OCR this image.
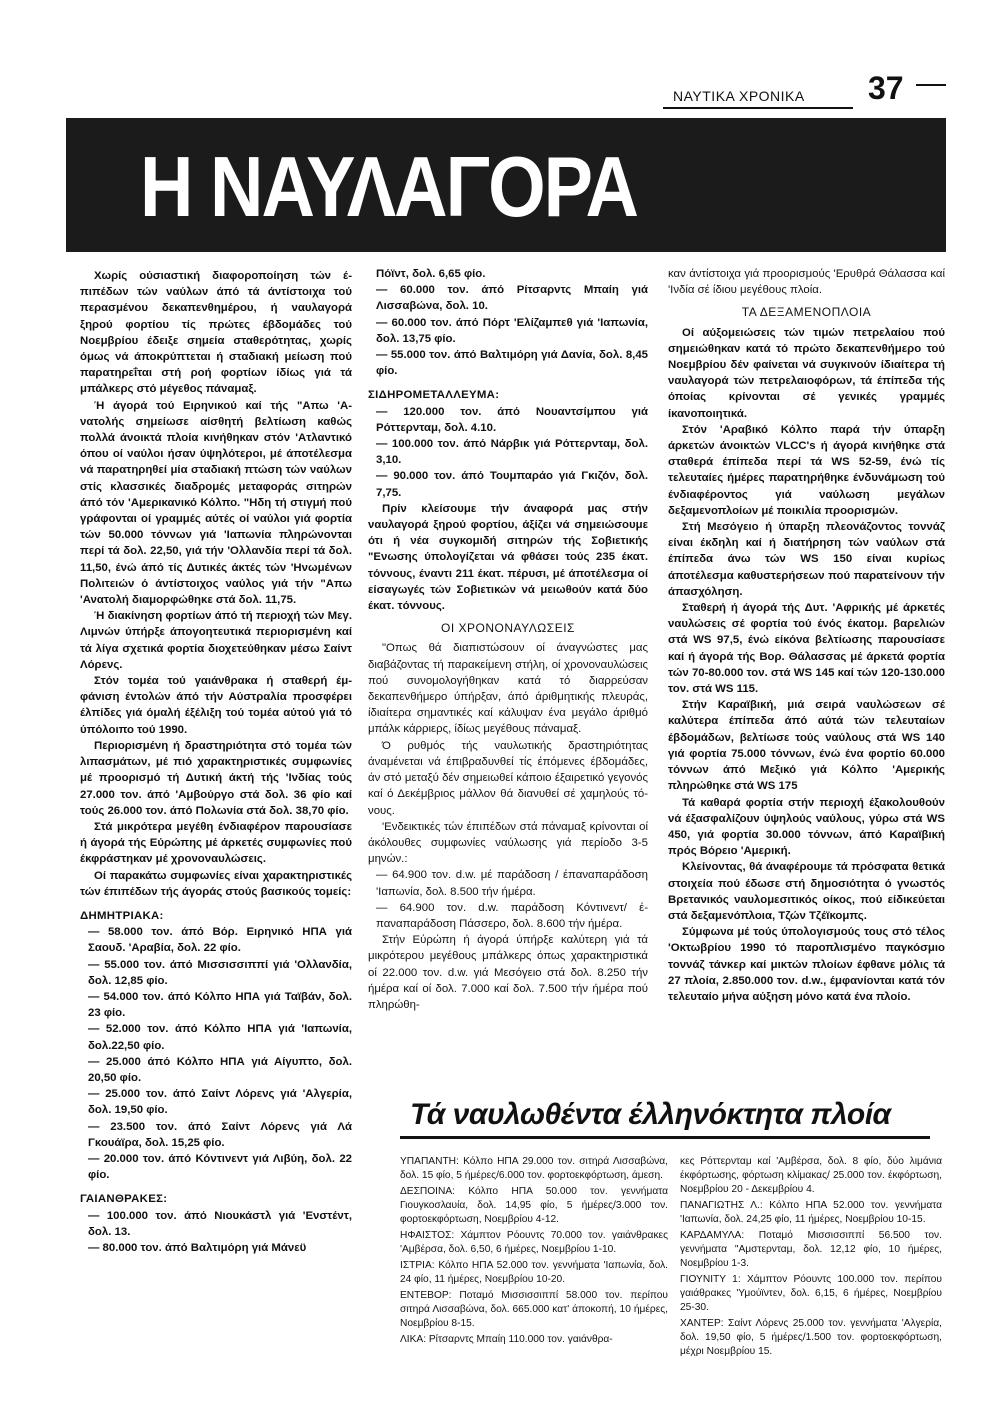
ΝΑΥΤΙΚΑ ΧΡΟΝΙΚΑ 37
Η ΝΑΥΛΑΓΟΡΑ

Χωρίς ούσιαστική διαφοροποίηση τών έπιπέδων τών ναύλων άπό τά άντίστοιχα τού περασμένου δεκαπενθημέρου, ή ναυλαγορά ξηρού φορτίου τίς πρώτες έβδομάδες τού Νοεμβρίου έδειξε σημεία σταθερότητας, χωρίς όμως νά άποκρύπτεται ή σταδιακή μείωση πού παρατηρεΐται στή ροή φορτίων ίδίως γιά τά μπάλκερς στό μέγεθος πάναμαξ.

Ή άγορά τού Ειρηνικού καί τής "Απω 'Ανατολής σημείωσε αίσθητή βελτίωση καθώς πολλά άνοικτά πλοία κινήθηκαν στόν 'Ατλαντικό όπου οί ναύλοι ήσαν ύψηλότεροι, μέ άποτέλεσμα νά παρατηρηθεί μία σταδιακή πτώση τών ναύλων στίς κλασσικές διαδρομές μεταφοράς σιτηρών άπό τόν 'Αμερικανικό Κόλπο. "Ηδη τή στιγμή πού γράφονται οί γραμμές αύτές οί ναύλοι γιά φορτία τών 50.000 τόννων γιά 'Ιαπωνία πληρώνονται περί τά δολ. 22,50, γιά τήν 'Ολλανδία περί τά δολ. 11,50, ένώ άπό τίς Δυτικές άκτές τών 'Ηνωμένων Πολιτειών ό άντίστοιχος ναύλος γιά τήν "Απω 'Ανατολή διαμορφώθηκε στά δολ. 11,75.

Ή διακίνηση φορτίων άπό τή περιοχή τών Μεγ. Λιμνών ύπήρξε άπογοητευτικά περιορισμένη καί τά λίγα σχετικά φορτία διοχετεύθηκαν μέσω Σαίντ Λόρενς.

Στόν τομέα τού γαιάνθρακα ή σταθερή έμφάνιση έντολών άπό τήν Αύστραλία προσφέρει έλπίδες γιά όμαλή έξέλιξη τού τομέα αύτού γιά τό ύπόλοιπο τού 1990.

Περιορισμένη ή δραστηριότητα στό τομέα τών λιπασμάτων, μέ πιό χαρακτηριστικές συμφωνίες μέ προορισμό τή Δυτική άκτή τής 'Ινδίας τούς 27.000 τον. άπό 'Αμβούργο στά δολ. 36 φίο καί τούς 26.000 τον. άπό Πολωνία στά δολ. 38,70 φίο.

Στά μικρότερα μεγέθη ένδιαφέρον παρουσίασε ή άγορά τής Εύρώπης μέ άρκετές συμφωνίες πού έκφράστηκαν μέ χρονοναυλώσεις.

Οί παρακάτω συμφωνίες είναι χαρακτηριστικές τών έπιπέδων τής άγοράς στούς βασικούς τομείς:

ΔΗΜΗΤΡΙΑΚΑ:

— 58.000 τον. άπό Βόρ. Ειρηνικό ΗΠΑ γιά Σαουδ. 'Αραβία, δολ. 22 φίο.

— 55.000 τον. άπό Μισσισσιππί γιά 'Ολλανδία, δολ. 12,85 φίο.

— 54.000 τον. άπό Κόλπο ΗΠΑ γιά Ταϊβάν, δολ. 23 φίο.

— 52.000 τον. άπό Κόλπο ΗΠΑ γιά 'Ιαπωνία, δολ.22,50 φίο.

— 25.000 άπό Κόλπο ΗΠΑ γιά Αίγυπτο, δολ. 20,50 φίο.

— 25.000 τον. άπό Σαίντ Λόρενς γιά 'Αλγερία, δολ. 19,50 φίο.

— 23.500 τον. άπό Σαίντ Λόρενς γιά Λά Γκουάϊρα, δολ. 15,25 φίο.

— 20.000 τον. άπό Κόντινεντ γιά Λιβύη, δολ. 22 φίο.

ΓΑΙΑΝΘΡΑΚΕΣ:

— 100.000 τον. άπό Νιουκάστλ γιά 'Ενστέντ, δολ. 13.

— 80.000 τον. άπό Βαλτιμόρη γιά Μάνεϋ

Πόϊντ, δολ. 6,65 φίο.

— 60.000 τον. άπό Ρίτσαρντς Μπαίη γιά Λισσαβώνα, δολ. 10.

— 60.000 τον. άπό Πόρτ 'Ελίζαμπεθ γιά 'Ιαπωνία, δολ. 13,75 φίο.

— 55.000 τον. άπό Βαλτιμόρη γιά Δανία, δολ. 8,45 φίο.

ΣΙΔΗΡΟΜΕΤΑΛΛΕΥΜΑ:

— 120.000 τον. άπό Νουαντσίμπου γιά Ρόττερνταμ, δολ. 4.10.

— 100.000 τον. άπό Νάρβικ γιά Ρόττερνταμ, δολ. 3,10.

— 90.000 τον. άπό Τουμπαράο γιά Γκιζόν, δολ. 7,75.

Πρίν κλείσουμε τήν άναφορά μας στήν ναυλαγορά ξηρού φορτίου, άξίζει νά σημειώσουμε ότι ή νέα συγκομιδή σιτηρών τής Σοβιετικής "Ενωσης ύπολογίζεται νά φθάσει τούς 235 έκατ. τόννους, έναντι 211 έκατ. πέρυσι, μέ άποτέλεσμα οί είσαγωγές τών Σοβιετικών νά μειωθούν κατά δύο έκατ. τόννους.

ΟΙ ΧΡΟΝΟΝΑΥΛΩΣΕΙΣ

"Οπως θά διαπιστώσουν οί άναγνώστες μας διαβάζοντας τή παρακείμενη στήλη, οί χρονοναυλώσεις πού συνομολογήθηκαν κατά τό διαρρεύσαν δεκαπενθήμερο ύπήρξαν, άπό άριθμητικής πλευράς, ίδιαίτερα σημαντικές καί κάλυψαν ένα μεγάλο άριθμό μπάλκ κάρριερς, ίδίως μεγέθους πάναμαξ.

Ό ρυθμός τής ναυλωτικής δραστηριότητας άναμένεται νά έπιβραδυνθεί τίς έπόμενες έβδομάδες, άν στό μεταξύ δέν σημειωθεί κάποιο έξαιρετικό γεγονός καί ό Δεκέμβριος μάλλον θά διανυθεί σέ χαμηλούς τόνους.

'Ενδεικτικές τών έπιπέδων στά πάναμαξ κρίνονται οί άκόλουθες συμφωνίες ναύλωσης γιά περίοδο 3-5 μηνών.:

— 64.900 τον. d.w. μέ παράδοση / έπαναπαράδοση 'Ιαπωνία, δολ. 8.500 τήν ήμέρα.

— 64.900 τον. d.w. παράδοση Κόντινεντ/ έπαναπαράδοση Πάσσερο, δολ. 8.600 τήν ήμέρα.

Στήν Εύρώπη ή άγορά ύπήρξε καλύτερη γιά τά μικρότερου μεγέθους μπάλκερς όπως χαρακτηριστικά οί 22.000 τον. d.w. γιά Μεσόγειο στά δολ. 8.250 τήν ήμέρα καί οί δολ. 7.000 καί δολ. 7.500 τήν ήμέρα πού πληρώθη-

καν άντίστοιχα γιά προορισμούς 'Ερυθρά Θάλασσα καί 'Ινδία σέ ίδιου μεγέθους πλοία.

ΤΑ ΔΕΞΑΜΕΝΟΠΛΟΙΑ

Οί αύξομειώσεις τών τιμών πετρελαίου πού σημειώθηκαν κατά τό πρώτο δεκαπενθήμερο τού Νοεμβρίου δέν φαίνεται νά συγκινούν ίδιαίτερα τή ναυλαγορά τών πετρελαιοφόρων, τά έπίπεδα τής όποίας κρίνονται σέ γενικές γραμμές ίκανοποιητικά.

Στόν 'Αραβικό Κόλπο παρά τήν ύπαρξη άρκετών άνοικτών VLCC's ή άγορά κινήθηκε στά σταθερά έπίπεδα περί τά WS 52-59, ένώ τίς τελευταίες ήμέρες παρατηρήθηκε ένδυνάμωση τού ένδιαφέροντος γιά ναύλωση μεγάλων δεξαμενοπλοίων μέ ποικιλία προορισμών.

Στή Μεσόγειο ή ύπαρξη πλεονάζοντος τοννάζ είναι έκδηλη καί ή διατήρηση τών ναύλων στά έπίπεδα άνω τών WS 150 είναι κυρίως άποτέλεσμα καθυστερήσεων πού παρατείνουν τήν άπασχόληση.

Σταθερή ή άγορά τής Δυτ. 'Αφρικής μέ άρκετές ναυλώσεις σέ φορτία τού ένός έκατομ. βαρελιών στά WS 97,5, ένώ είκόνα βελτίωσης παρουσίασε καί ή άγορά τής Βορ. Θάλασσας μέ άρκετά φορτία τών 70-80.000 τον. στά WS 145 καί τών 120-130.000 τον. στά WS 115.

Στήν Καραϊβική, μιά σειρά ναυλώσεων σέ καλύτερα έπίπεδα άπό αύτά τών τελευταίων έβδομάδων, βελτίωσε τούς ναύλους στά WS 140 γιά φορτία 75.000 τόννων, ένώ ένα φορτίο 60.000 τόννων άπό Μεξικό γιά Κόλπο 'Αμερικής πληρώθηκε στά WS 175

Τά καθαρά φορτία στήν περιοχή έξακολουθούν νά έξασφαλίζουν ύψηλούς ναύλους, γύρω στά WS 450, γιά φορτία 30.000 τόννων, άπό Καραϊβική πρός Βόρειο 'Αμερική.

Κλείνοντας, θά άναφέρουμε τά πρόσφατα θετικά στοιχεία πού έδωσε στή δημοσιότητα ό γνωστός Βρετανικός ναυλομεσιτικός οίκος, πού είδικεύεται στά δεξαμενόπλοια, Τζών Τζέϊκομπς.

Σύμφωνα μέ τούς ύπολογισμούς τους στό τέλος 'Οκτωβρίου 1990 τό παροπλισμένο παγκόσμιο τοννάζ τάνκερ καί μικτών πλοίων έφθανε μόλις τά 27 πλοία, 2.850.000 τον. d.w., έμφανίονται κατά τόν τελευταίο μήνα αύξηση μόνο κατά ένα πλοίο.

Τά ναυλωθέντα έλληνόκτητα πλοία

ΥΠΑΠΑΝΤΗ: Κόλπο ΗΠΑ 29.000 τον. σιτηρά Λισσαβώνα, δολ. 15 φίο, 5 ήμέρες/6.000 τον. φορτοεκφόρτωση, άμεση.

ΔΕΣΠΟΙΝΑ: Κόλπο ΗΠΑ 50.000 τον. γεννήματα Γιουγκοσλαυία, δολ. 14,95 φίο, 5 ήμέρες/3.000 τον. φορτοεκφόρτωση, Νοεμβρίου 4-12.

ΗΦΑΙΣΤΟΣ: Χάμπτον Ρόουντς 70.000 τον. γαιάνθρακες 'Αμβέρσα, δολ. 6,50, 6 ήμέρες, Νοεμβρίου 1-10.

ΙΣΤΡΙΑ: Κόλπο ΗΠΑ 52.000 τον. γεννήματα 'Ιαπωνία, δολ. 24 φίο, 11 ήμέρες, Νοεμβρίου 10-20.

ΕΝΤΕΒΟΡ: Ποταμό Μισσισσιππί 58.000 τον. περίπου σιτηρά Λισσαβώνα, δολ. 665.000 κατ' άποκοπή, 10 ήμέρες, Νοεμβρίου 8-15.

ΛΙΚΑ: Ρίτσαρντς Μπαίη 110.000 τον. γαιάνθρα-

κες Ρόττερνταμ καί 'Αμβέρσα, δολ. 8 φίο, δύο λιμάνια έκφόρτωσης, φόρτωση κλίμακας/ 25.000 τον. έκφόρτωση, Νοεμβρίου 20 - Δεκεμβρίου 4.

ΠΑΝΑΓΙΩΤΗΣ Λ.: Κόλπο ΗΠΑ 52.000 τον. γεννήματα 'Ιαπωνία, δολ. 24,25 φίο, 11 ήμέρες, Νοεμβρίου 10-15.

ΚΑΡΔΑΜΥΛΑ: Ποταμό Μισσισσιππί 56.500 τον. γεννήματα "Αμστερνταμ, δολ. 12,12 φίο, 10 ήμέρες, Νοεμβρίου 1-3.

ΓΙΟΥΝΙΤΥ 1: Χάμπτον Ρόουντς 100.000 τον. περίπου γαιάθρακες 'Υμούϊντεν, δολ. 6,15, 6 ήμέρες, Νοεμβρίου 25-30.

ΧΑΝΤΕΡ: Σαίντ Λόρενς 25.000 τον. γεννήματα 'Αλγερία, δολ. 19,50 φίο, 5 ήμέρες/1.500 τον. φορτοεκφόρτωση, μέχρι Νοεμβρίου 15.
